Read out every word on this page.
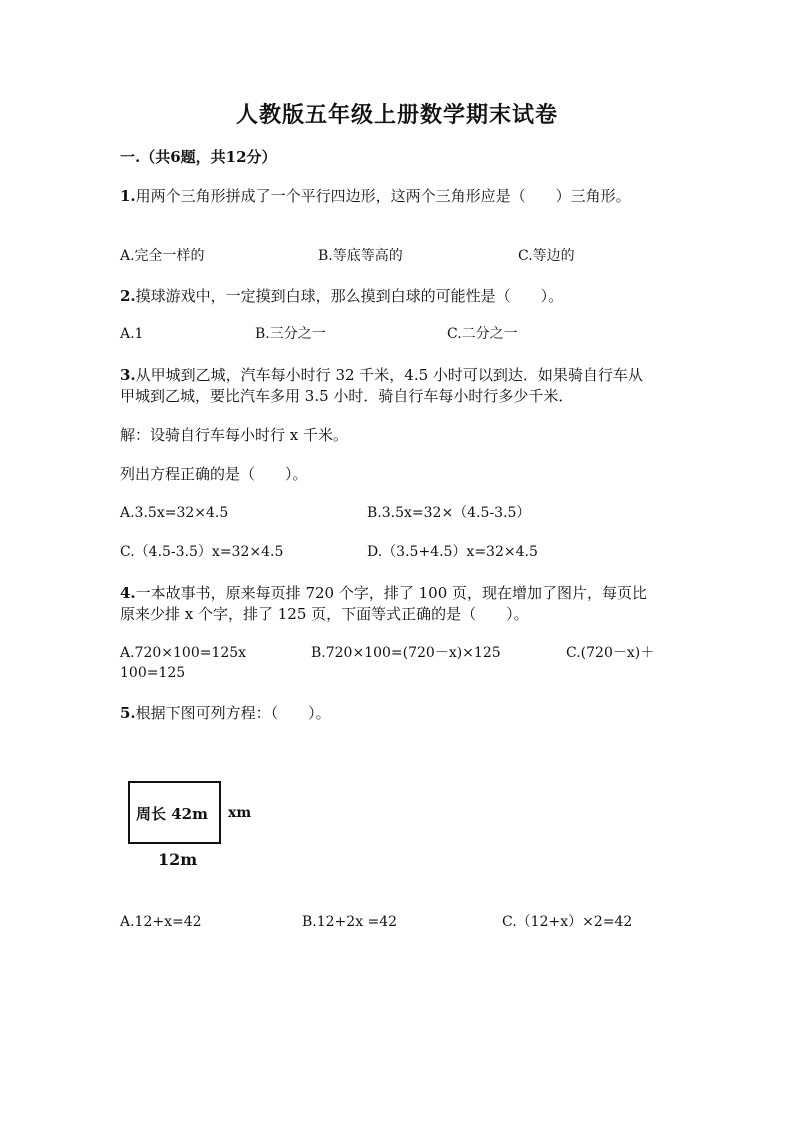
人教版五年级上册数学期末试卷
一.（共6题，共12分）
1.用两个三角形拼成了一个平行四边形，这两个三角形应是（　　）三角形。
A.完全一样的	B.等底等高的	C.等边的
2.摸球游戏中，一定摸到白球，那么摸到白球的可能性是（　　）。
A.1	B.三分之一	C.二分之一
3.从甲城到乙城，汽车每小时行 32 千米，4.5 小时可以到达．如果骑自行车从
甲城到乙城，要比汽车多用 3.5 小时．骑自行车每小时行多少千米．
解：设骑自行车每小时行 x 千米。
列出方程正确的是（　　）。
A.3.5x=32×4.5	B.3.5x=32×（4.5-3.5）
C.（4.5-3.5）x=32×4.5	D.（3.5+4.5）x=32×4.5
4.一本故事书，原来每页排 720 个字，排了 100 页，现在增加了图片，每页比
原来少排 x 个字，排了 125 页，下面等式正确的是（　　）。
A.720×100=125x	B.720×100=(720－x)×125	C.(720－x)＋
100=125
5.根据下图可列方程：（　　）。
周长 42m xm
12m
A.12+x=42	B.12+2x =42	C.（12+x）×2=42
